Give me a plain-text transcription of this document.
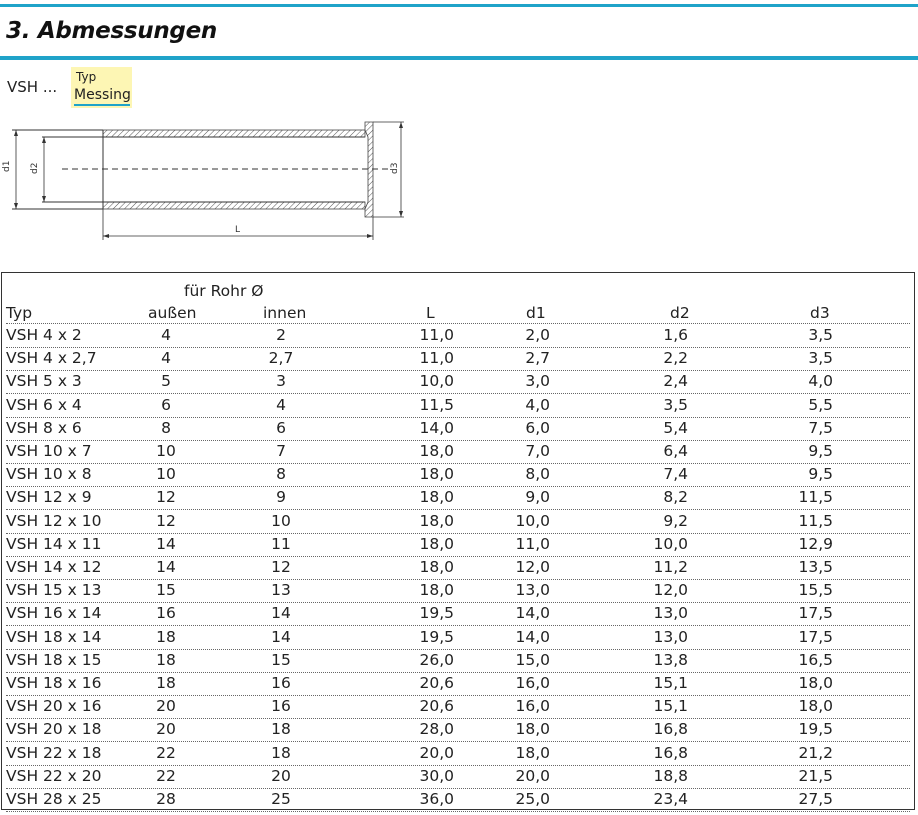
3. Abmessungen
VSH ...
Typ
Messing
d1 d2	d3
L
für Rohr Ø
Typ	außen	innen	L	d1	d2	d3
VSH 4 x 2	4	2	11,0	2,0	1,6	3,5
VSH 4 x 2,7	4	2,7	11,0	2,7	2,2	3,5
VSH 5 x 3	5	3	10,0	3,0	2,4	4,0
VSH 6 x 4	6	4	11,5	4,0	3,5	5,5
VSH 8 x 6	8	6	14,0	6,0	5,4	7,5
VSH 10 x 7	10	7	18,0	7,0	6,4	9,5
VSH 10 x 8	10	8	18,0	8,0	7,4	9,5
VSH 12 x 9	12	9	18,0	9,0	8,2	11,5
VSH 12 x 10	12	10	18,0	10,0	9,2	11,5
VSH 14 x 11	14	11	18,0	11,0	10,0	12,9
VSH 14 x 12	14	12	18,0	12,0	11,2	13,5
VSH 15 x 13	15	13	18,0	13,0	12,0	15,5
VSH 16 x 14	16	14	19,5	14,0	13,0	17,5
VSH 18 x 14	18	14	19,5	14,0	13,0	17,5
VSH 18 x 15	18	15	26,0	15,0	13,8	16,5
VSH 18 x 16	18	16	20,6	16,0	15,1	18,0
VSH 20 x 16	20	16	20,6	16,0	15,1	18,0
VSH 20 x 18	20	18	28,0	18,0	16,8	19,5
VSH 22 x 18	22	18	20,0	18,0	16,8	21,2
VSH 22 x 20	22	20	30,0	20,0	18,8	21,5
VSH 28 x 25	28	25	36,0	25,0	23,4	27,5
